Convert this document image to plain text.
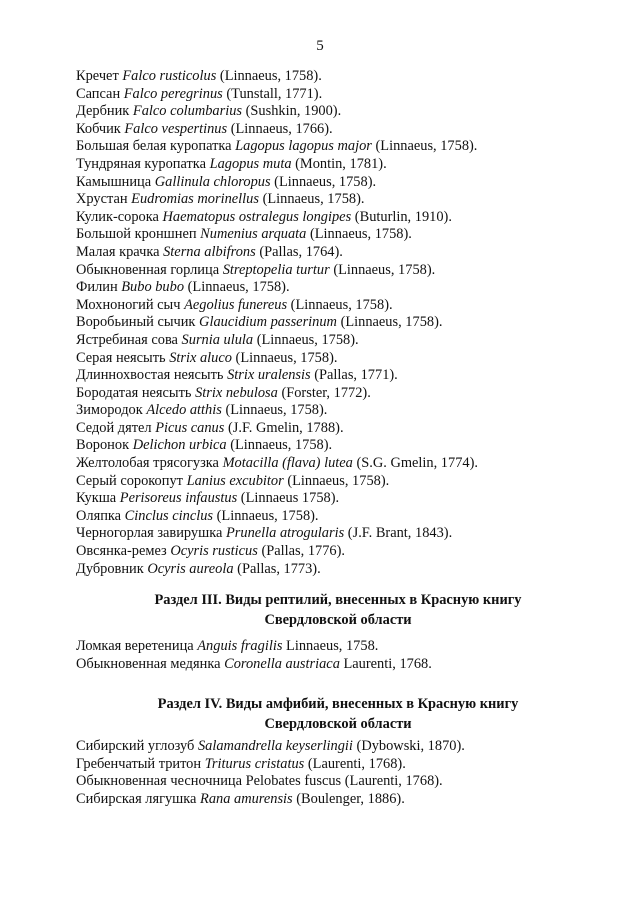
5
Кречет Falco rusticolus (Linnaeus, 1758).
Сапсан Falco peregrinus (Tunstall, 1771).
Дербник Falco columbarius (Sushkin, 1900).
Кобчик Falco vespertinus (Linnaeus, 1766).
Большая белая куропатка Lagopus lagopus major (Linnaeus, 1758).
Тундряная куропатка Lagopus muta (Montin, 1781).
Камышница Gallinula chloropus (Linnaeus, 1758).
Хрустан Eudromias morinellus (Linnaeus, 1758).
Кулик-сорока Haematopus ostralegus longipes (Buturlin, 1910).
Большой кроншнеп Numenius arquata (Linnaeus, 1758).
Малая крачка Sterna albifrons (Pallas, 1764).
Обыкновенная горлица Streptopelia turtur (Linnaeus, 1758).
Филин Bubo bubo (Linnaeus, 1758).
Мохноногий сыч Aegolius funereus (Linnaeus, 1758).
Воробьиный сычик Glaucidium passerinum (Linnaeus, 1758).
Ястребиная сова Surnia ulula (Linnaeus, 1758).
Серая неясыть Strix aluco (Linnaeus, 1758).
Длиннохвостая неясыть Strix uralensis (Pallas, 1771).
Бородатая неясыть Strix nebulosa (Forster, 1772).
Зимородок Alcedo atthis (Linnaeus, 1758).
Седой дятел Picus canus (J.F. Gmelin, 1788).
Воронок Delichon urbica (Linnaeus, 1758).
Желтолобая трясогузка Motacilla (flava) lutea (S.G. Gmelin, 1774).
Серый сорокопут Lanius excubitor (Linnaeus, 1758).
Кукша Perisoreus infaustus (Linnaeus 1758).
Оляпка Cinclus cinclus (Linnaeus, 1758).
Черногорлая завирушка Prunella atrogularis (J.F. Brant, 1843).
Овсянка-ремез Ocyris rusticus (Pallas, 1776).
Дубровник Ocyris aureola (Pallas, 1773).
Раздел III. Виды рептилий, внесенных в Красную книгу
Свердловской области
Ломкая веретеница Anguis fragilis Linnaeus, 1758.
Обыкновенная медянка Coronella austriaca Laurenti, 1768.
Раздел IV. Виды амфибий, внесенных в Красную книгу
Свердловской области
Сибирский углозуб Salamandrella keyserlingii (Dybowski, 1870).
Гребенчатый тритон Triturus cristatus (Laurenti, 1768).
Обыкновенная чесночница Pelobates fuscus (Laurenti, 1768).
Сибирская лягушка Rana amurensis (Boulenger, 1886).
